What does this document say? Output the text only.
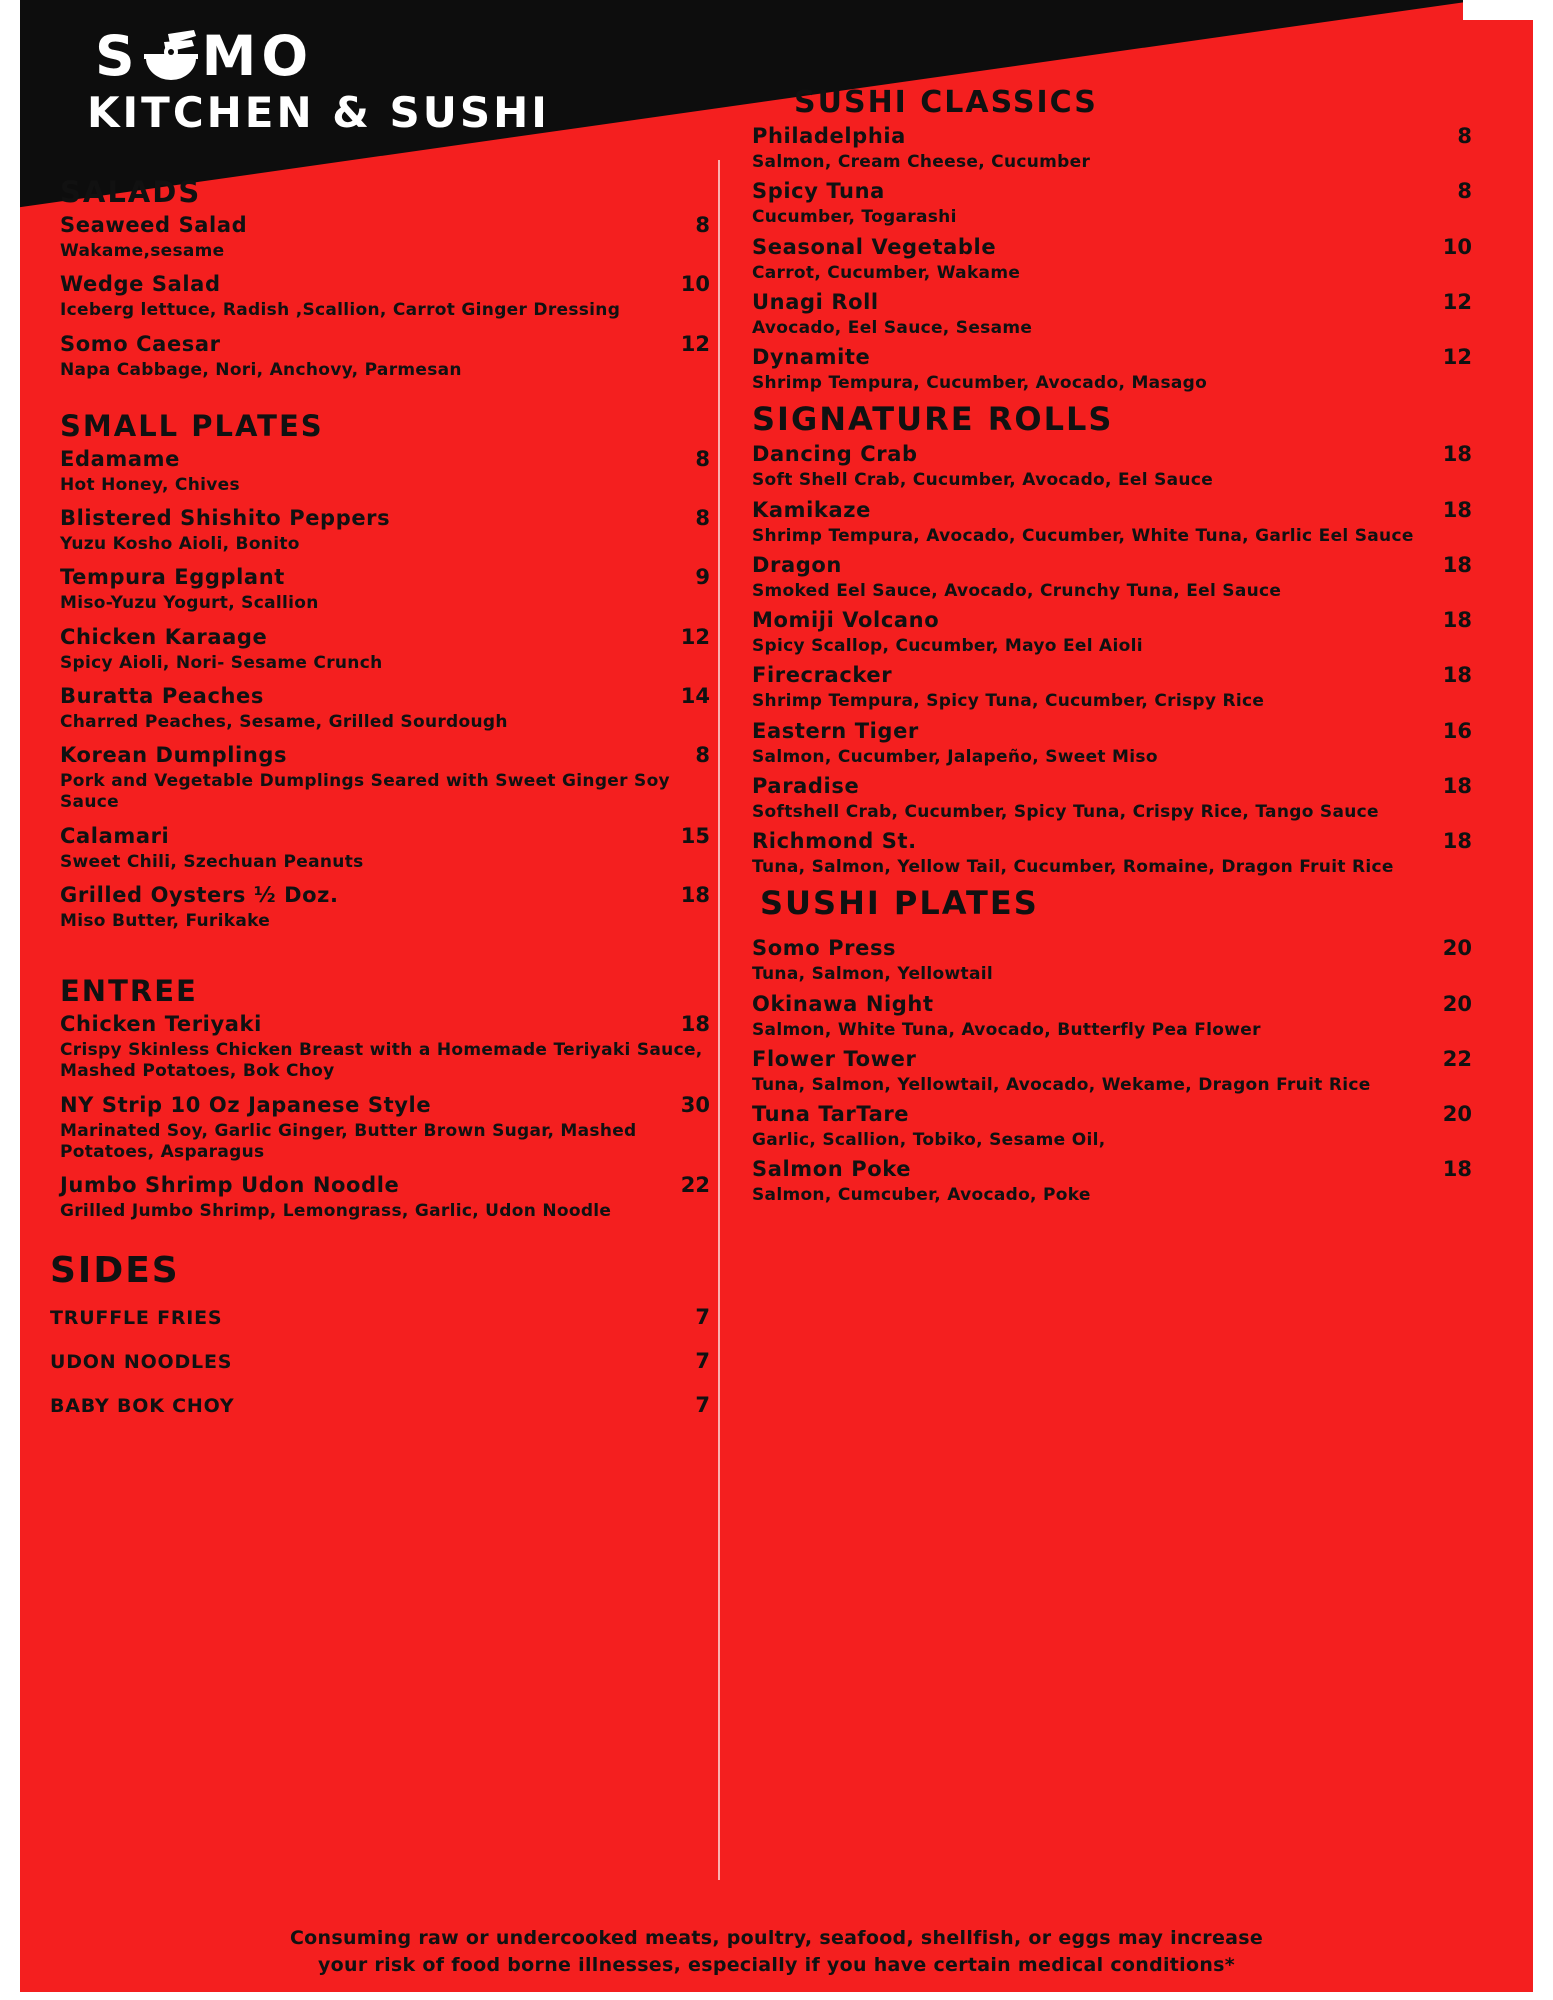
S MO
KITCHEN & SUSHI
SALADS
Seaweed Salad	8
Wakame,sesame
Wedge Salad	10
Iceberg lettuce, Radish ,Scallion, Carrot Ginger Dressing
Somo Caesar	12
Napa Cabbage, Nori, Anchovy, Parmesan
SMALL PLATES
Edamame	8
Hot Honey, Chives
Blistered Shishito Peppers	8
Yuzu Kosho Aioli, Bonito
Tempura Eggplant	9
Miso-Yuzu Yogurt, Scallion
Chicken Karaage	12
Spicy Aioli, Nori- Sesame Crunch
Buratta Peaches	14
Charred Peaches, Sesame, Grilled Sourdough
Korean Dumplings	8
Pork and Vegetable Dumplings Seared with Sweet Ginger Soy Sauce
Calamari	15
Sweet Chili, Szechuan Peanuts
Grilled Oysters ½ Doz.	18
Miso Butter, Furikake
ENTREE
Chicken Teriyaki	18
Crispy Skinless Chicken Breast with a Homemade Teriyaki Sauce, Mashed Potatoes, Bok Choy
NY Strip 10 Oz Japanese Style	30
Marinated Soy, Garlic Ginger, Butter Brown Sugar, Mashed Potatoes, Asparagus
Jumbo Shrimp Udon Noodle	22
Grilled Jumbo Shrimp, Lemongrass, Garlic, Udon Noodle
SIDES
TRUFFLE FRIES	7
UDON NOODLES	7
BABY BOK CHOY	7
SUSHI CLASSICS
Philadelphia	8
Salmon, Cream Cheese, Cucumber
Spicy Tuna	8
Cucumber, Togarashi
Seasonal Vegetable	10
Carrot, Cucumber, Wakame
Unagi Roll	12
Avocado, Eel Sauce, Sesame
Dynamite	12
Shrimp Tempura, Cucumber, Avocado, Masago
SIGNATURE ROLLS
Dancing Crab	18
Soft Shell Crab, Cucumber, Avocado, Eel Sauce
Kamikaze	18
Shrimp Tempura, Avocado, Cucumber, White Tuna, Garlic Eel Sauce
Dragon	18
Smoked Eel Sauce, Avocado, Crunchy Tuna, Eel Sauce
Momiji Volcano	18
Spicy Scallop, Cucumber, Mayo Eel Aioli
Firecracker	18
Shrimp Tempura, Spicy Tuna, Cucumber, Crispy Rice
Eastern Tiger	16
Salmon, Cucumber, Jalapeño, Sweet Miso
Paradise	18
Softshell Crab, Cucumber, Spicy Tuna, Crispy Rice, Tango Sauce
Richmond St.	18
Tuna, Salmon, Yellow Tail, Cucumber, Romaine, Dragon Fruit Rice
SUSHI PLATES
Somo Press	20
Tuna, Salmon, Yellowtail
Okinawa Night	20
Salmon, White Tuna, Avocado, Butterfly Pea Flower
Flower Tower	22
Tuna, Salmon, Yellowtail, Avocado, Wekame, Dragon Fruit Rice
Tuna TarTare	20
Garlic, Scallion, Tobiko, Sesame Oil,
Salmon Poke	18
Salmon, Cumcuber, Avocado, Poke
Consuming raw or undercooked meats, poultry, seafood, shellfish, or eggs may increase
your risk of food borne illnesses, especially if you have certain medical conditions*
